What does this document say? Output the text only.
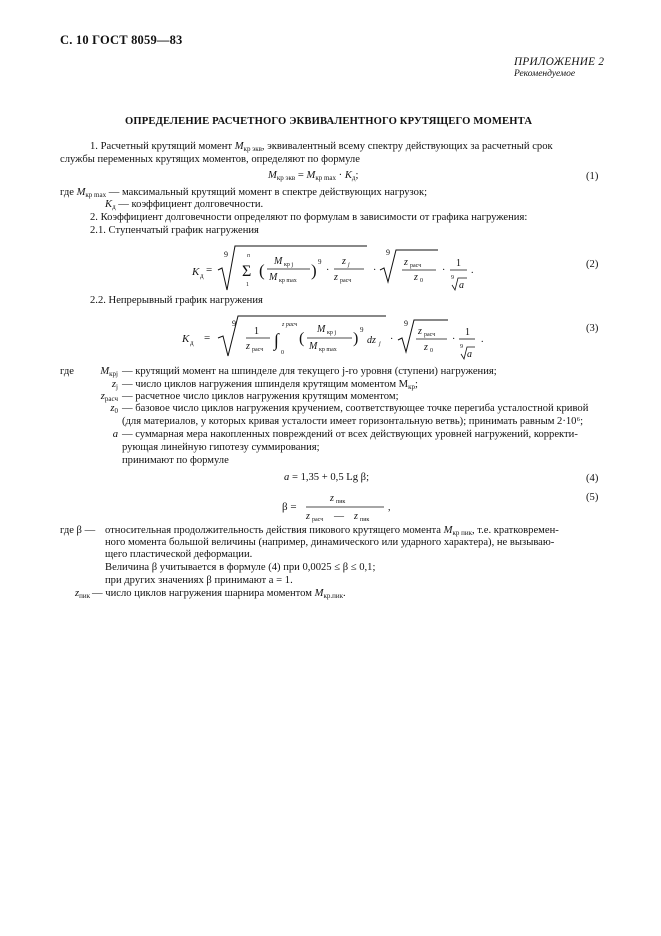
С. 10 ГОСТ 8059—83
ПРИЛОЖЕНИЕ 2
Рекомендуемое
ОПРЕДЕЛЕНИЕ РАСЧЕТНОГО ЭКВИВАЛЕНТНОГО КРУТЯЩЕГО МОМЕНТА
1. Расчетный крутящий момент $M_{кр экв}$, эквивалентный всему спектру действующих за расчетный срок
службы переменных крутящих моментов, определяют по формуле
$M_{кр экв} = M_{кр max} \cdot K_д$;	(1)
где $M_{кр max}$ — максимальный крутящий момент в спектре действующих нагрузок;
$K_д$ — коэффициент долговечности.
2. Коэффициент долговечности определяют по формулам в зависимости от графика нагружения:
2.1. Ступенчатый график нагружения
K д =
9	n
Σ
1
( M кр j
M кр max
) 9
·
z j
z расч
·
9
z расч
z 0
·
1
9
a
.
(2)
2.2. Непрерывный график нагружения
K д =
9
1
z расч
z расч
∫
0
(
M кр j
M кр max
) 9
dz j ·
9
z расч
z 0
·
1
9
a
.
(3)
где	$M_{крj}$ — крутящий момент на шпинделе для текущего j-го уровня (ступени) нагружения;
$z_j$ — число циклов нагружения шпинделя крутящим моментом $M_{кр}$;
$z_{расч}$ — расчетное число циклов нагружения крутящим моментом;
$z_0$ — базовое число циклов нагружения кручением, соответствующее точке перегиба усталостной кривой
(для материалов, у которых кривая усталости имеет горизонтальную ветвь); принимать равным 2·10⁶;
a — суммарная мера накопленных повреждений от всех действующих уровней нагружений, корректи-
рующая линейную гипотезу суммирования;
принимают по формуле
a = 1,35 + 0,5 Lg β;	(4)
β =
z пик
z расч — z пик
,
(5)
где β — относительная продолжительность действия пикового крутящего момента $M_{кр пик}$, т.е. кратковремен-
ного момента большой величины (например, динамического или ударного характера), не вызываю-
щего пластической деформации.
Величина β учитывается в формуле (4) при 0,0025 ≤ β ≤ 0,1;
при других значениях β принимают a = 1.
$z_{пик}$ — число циклов нагружения шарнира моментом $M_{кр.пик}$.
